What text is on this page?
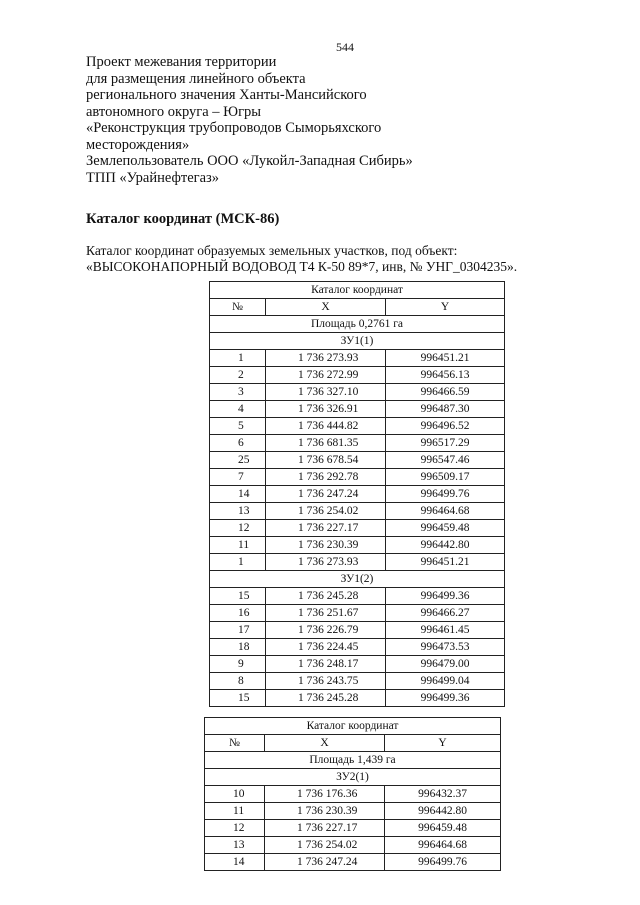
544
Проект межевания территории
для размещения линейного объекта
регионального значения Ханты-Мансийского
автономного округа – Югры
«Реконструкция трубопроводов Сыморьяхского
месторождения»
Землепользователь ООО «Лукойл-Западная Сибирь»
ТПП «Урайнефтегаз»
Каталог координат (МСК-86)
Каталог координат образуемых земельных участков, под объект: «ВЫСОКОНАПОРНЫЙ ВОДОВОД Т4 К-50 89*7, инв, № УНГ_0304235».
Каталог координат		
№	X	Y
Площадь 0,2761 га		
ЗУ1(1)		
1	1 736 273.93	996451.21
2	1 736 272.99	996456.13
3	1 736 327.10	996466.59
4	1 736 326.91	996487.30
5	1 736 444.82	996496.52
6	1 736 681.35	996517.29
25	1 736 678.54	996547.46
7	1 736 292.78	996509.17
14	1 736 247.24	996499.76
13	1 736 254.02	996464.68
12	1 736 227.17	996459.48
11	1 736 230.39	996442.80
1	1 736 273.93	996451.21
ЗУ1(2)		
15	1 736 245.28	996499.36
16	1 736 251.67	996466.27
17	1 736 226.79	996461.45
18	1 736 224.45	996473.53
9	1 736 248.17	996479.00
8	1 736 243.75	996499.04
15	1 736 245.28	996499.36
Каталог координат		
№	X	Y
Площадь 1,439 га		
ЗУ2(1)		
10	1 736 176.36	996432.37
11	1 736 230.39	996442.80
12	1 736 227.17	996459.48
13	1 736 254.02	996464.68
14	1 736 247.24	996499.76
